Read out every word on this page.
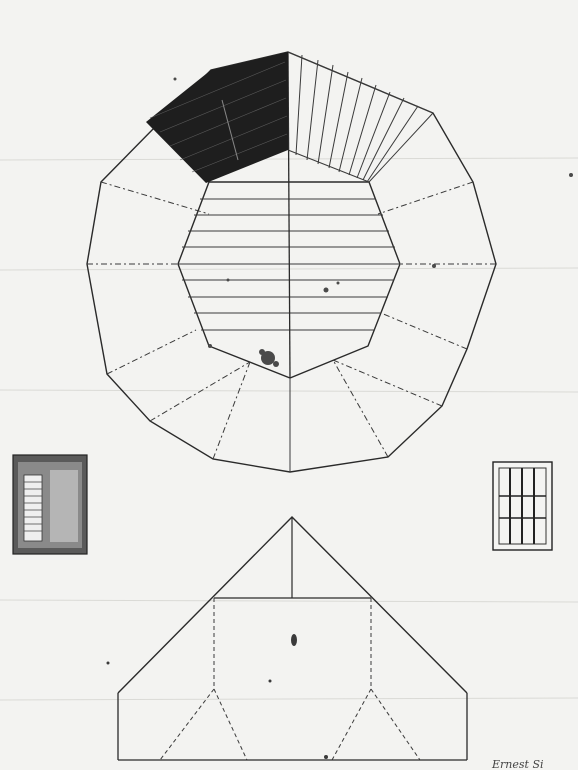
Ernest Si
